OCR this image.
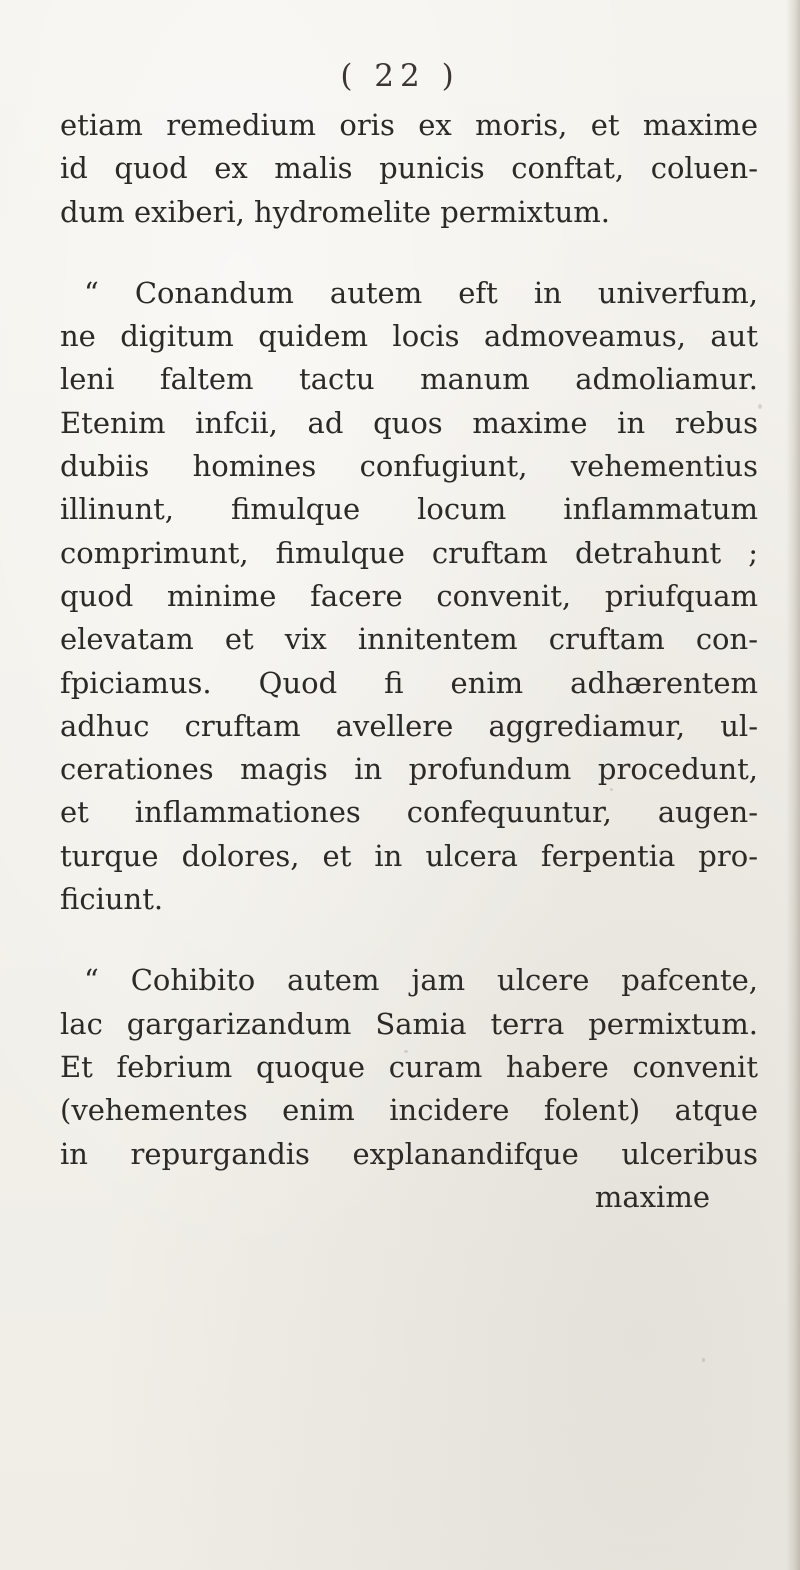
( 22 )
etiam remedium oris ex moris, et maxime
id quod ex malis punicis conftat, coluen-
dum exiberi, hydromelite permixtum.
“ Conandum autem eft in univerfum,
ne digitum quidem locis admoveamus, aut
leni faltem tactu manum admoliamur.
Etenim infcii, ad quos maxime in rebus
dubiis homines confugiunt, vehementius
illinunt, fimulque locum inflammatum
comprimunt, fimulque cruftam detrahunt ;
quod minime facere convenit, priufquam
elevatam et vix innitentem cruftam con-
fpiciamus. Quod fi enim adhærentem
adhuc cruftam avellere aggrediamur, ul-
cerationes magis in profundum procedunt,
et inflammationes confequuntur, augen-
turque dolores, et in ulcera ferpentia pro-
ficiunt.
“ Cohibito autem jam ulcere pafcente,
lac gargarizandum Samia terra permixtum.
Et febrium quoque curam habere convenit
(vehementes enim incidere folent) atque
in repurgandis explanandifque ulceribus
maxime
